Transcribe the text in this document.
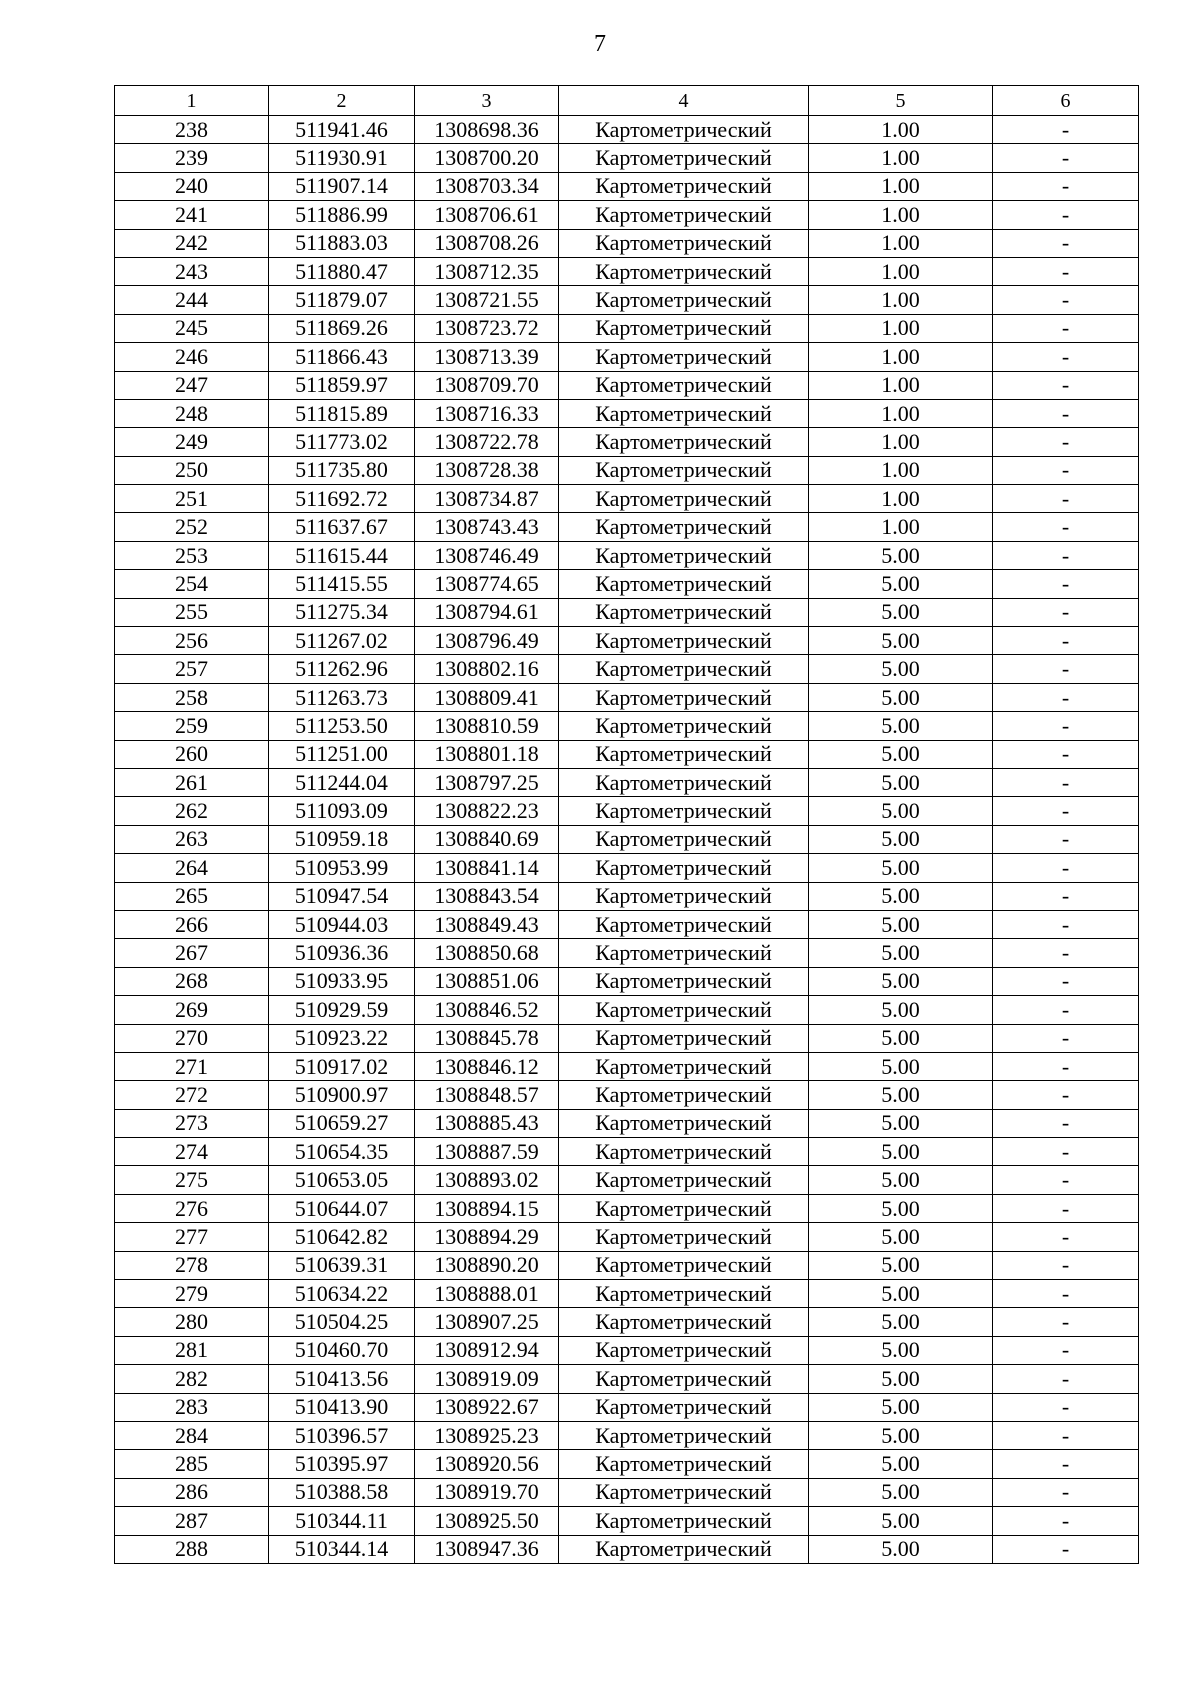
7
1	2	3	4	5	6
238	511941.46	1308698.36	Картометрический	1.00	-
239	511930.91	1308700.20	Картометрический	1.00	-
240	511907.14	1308703.34	Картометрический	1.00	-
241	511886.99	1308706.61	Картометрический	1.00	-
242	511883.03	1308708.26	Картометрический	1.00	-
243	511880.47	1308712.35	Картометрический	1.00	-
244	511879.07	1308721.55	Картометрический	1.00	-
245	511869.26	1308723.72	Картометрический	1.00	-
246	511866.43	1308713.39	Картометрический	1.00	-
247	511859.97	1308709.70	Картометрический	1.00	-
248	511815.89	1308716.33	Картометрический	1.00	-
249	511773.02	1308722.78	Картометрический	1.00	-
250	511735.80	1308728.38	Картометрический	1.00	-
251	511692.72	1308734.87	Картометрический	1.00	-
252	511637.67	1308743.43	Картометрический	1.00	-
253	511615.44	1308746.49	Картометрический	5.00	-
254	511415.55	1308774.65	Картометрический	5.00	-
255	511275.34	1308794.61	Картометрический	5.00	-
256	511267.02	1308796.49	Картометрический	5.00	-
257	511262.96	1308802.16	Картометрический	5.00	-
258	511263.73	1308809.41	Картометрический	5.00	-
259	511253.50	1308810.59	Картометрический	5.00	-
260	511251.00	1308801.18	Картометрический	5.00	-
261	511244.04	1308797.25	Картометрический	5.00	-
262	511093.09	1308822.23	Картометрический	5.00	-
263	510959.18	1308840.69	Картометрический	5.00	-
264	510953.99	1308841.14	Картометрический	5.00	-
265	510947.54	1308843.54	Картометрический	5.00	-
266	510944.03	1308849.43	Картометрический	5.00	-
267	510936.36	1308850.68	Картометрический	5.00	-
268	510933.95	1308851.06	Картометрический	5.00	-
269	510929.59	1308846.52	Картометрический	5.00	-
270	510923.22	1308845.78	Картометрический	5.00	-
271	510917.02	1308846.12	Картометрический	5.00	-
272	510900.97	1308848.57	Картометрический	5.00	-
273	510659.27	1308885.43	Картометрический	5.00	-
274	510654.35	1308887.59	Картометрический	5.00	-
275	510653.05	1308893.02	Картометрический	5.00	-
276	510644.07	1308894.15	Картометрический	5.00	-
277	510642.82	1308894.29	Картометрический	5.00	-
278	510639.31	1308890.20	Картометрический	5.00	-
279	510634.22	1308888.01	Картометрический	5.00	-
280	510504.25	1308907.25	Картометрический	5.00	-
281	510460.70	1308912.94	Картометрический	5.00	-
282	510413.56	1308919.09	Картометрический	5.00	-
283	510413.90	1308922.67	Картометрический	5.00	-
284	510396.57	1308925.23	Картометрический	5.00	-
285	510395.97	1308920.56	Картометрический	5.00	-
286	510388.58	1308919.70	Картометрический	5.00	-
287	510344.11	1308925.50	Картометрический	5.00	-
288	510344.14	1308947.36	Картометрический	5.00	-
